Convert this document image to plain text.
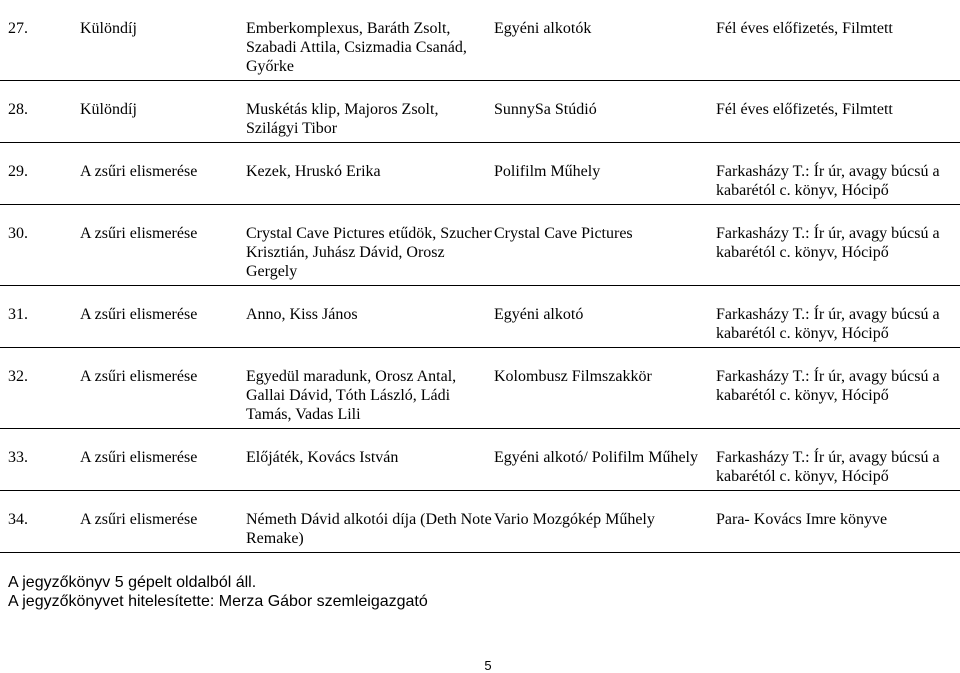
27.	Különdíj	Emberkomplexus, Baráth Zsolt, Szabadi Attila, Csizmadia Csanád, Győrke	Egyéni alkotók	Fél éves előfizetés, Filmtett
28.	Különdíj	Muskétás klip, Majoros Zsolt, Szilágyi Tibor	SunnySa Stúdió	Fél éves előfizetés, Filmtett
29.	A zsűri elismerése	Kezek, Hruskó Erika	Polifilm Műhely	Farkasházy T.: Ír úr, avagy búcsú a kabarétól c. könyv, Hócipő
30.	A zsűri elismerése	Crystal Cave Pictures etűdök, Szucher Krisztián, Juhász Dávid, Orosz Gergely	Crystal Cave Pictures	Farkasházy T.: Ír úr, avagy búcsú a kabarétól c. könyv, Hócipő
31.	A zsűri elismerése	Anno, Kiss János	Egyéni alkotó	Farkasházy T.: Ír úr, avagy búcsú a kabarétól c. könyv, Hócipő
32.	A zsűri elismerése	Egyedül maradunk, Orosz Antal, Gallai Dávid, Tóth László, Ládi Tamás, Vadas Lili	Kolombusz Filmszakkör	Farkasházy T.: Ír úr, avagy búcsú a kabarétól c. könyv, Hócipő
33.	A zsűri elismerése	Előjáték, Kovács István	Egyéni alkotó/ Polifilm Műhely	Farkasházy T.: Ír úr, avagy búcsú a kabarétól c. könyv, Hócipő
34.	A zsűri elismerése	Németh Dávid alkotói díja (Deth Note Remake)	Vario Mozgókép Műhely	Para- Kovács Imre könyve
A jegyzőkönyv 5 gépelt oldalból áll.
A jegyzőkönyvet hitelesítette: Merza Gábor szemleigazgató
5
